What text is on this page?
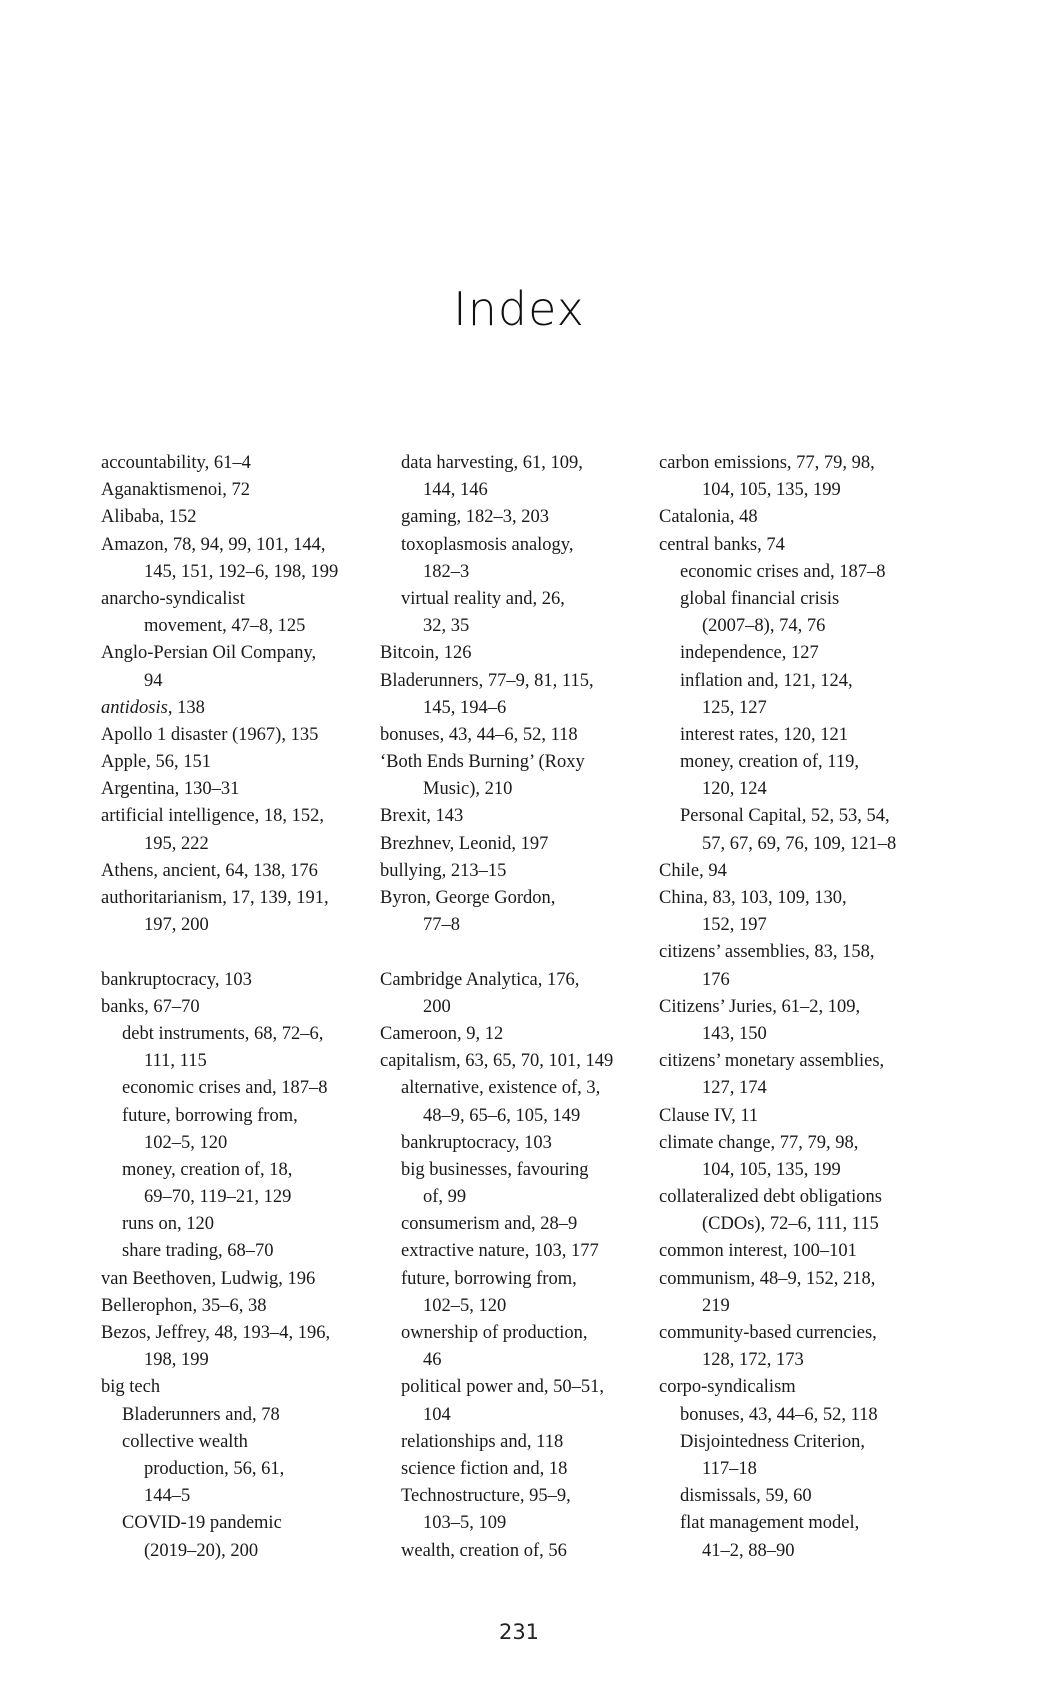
Index
accountability, 61–4
Aganaktismenoi, 72
Alibaba, 152
Amazon, 78, 94, 99, 101, 144,
145, 151, 192–6, 198, 199
anarcho-syndicalist
movement, 47–8, 125
Anglo-Persian Oil Company,
94
antidosis, 138
Apollo 1 disaster (1967), 135
Apple, 56, 151
Argentina, 130–31
artificial intelligence, 18, 152,
195, 222
Athens, ancient, 64, 138, 176
authoritarianism, 17, 139, 191,
197, 200
bankruptocracy, 103
banks, 67–70
debt instruments, 68, 72–6,
111, 115
economic crises and, 187–8
future, borrowing from,
102–5, 120
money, creation of, 18,
69–70, 119–21, 129
runs on, 120
share trading, 68–70
van Beethoven, Ludwig, 196
Bellerophon, 35–6, 38
Bezos, Jeffrey, 48, 193–4, 196,
198, 199
big tech
Bladerunners and, 78
collective wealth
production, 56, 61,
144–5
COVID-19 pandemic
(2019–20), 200
data harvesting, 61, 109,
144, 146
gaming, 182–3, 203
toxoplasmosis analogy,
182–3
virtual reality and, 26,
32, 35
Bitcoin, 126
Bladerunners, 77–9, 81, 115,
145, 194–6
bonuses, 43, 44–6, 52, 118
‘Both Ends Burning’ (Roxy
Music), 210
Brexit, 143
Brezhnev, Leonid, 197
bullying, 213–15
Byron, George Gordon,
77–8
Cambridge Analytica, 176,
200
Cameroon, 9, 12
capitalism, 63, 65, 70, 101, 149
alternative, existence of, 3,
48–9, 65–6, 105, 149
bankruptocracy, 103
big businesses, favouring
of, 99
consumerism and, 28–9
extractive nature, 103, 177
future, borrowing from,
102–5, 120
ownership of production,
46
political power and, 50–51,
104
relationships and, 118
science fiction and, 18
Technostructure, 95–9,
103–5, 109
wealth, creation of, 56
carbon emissions, 77, 79, 98,
104, 105, 135, 199
Catalonia, 48
central banks, 74
economic crises and, 187–8
global financial crisis
(2007–8), 74, 76
independence, 127
inflation and, 121, 124,
125, 127
interest rates, 120, 121
money, creation of, 119,
120, 124
Personal Capital, 52, 53, 54,
57, 67, 69, 76, 109, 121–8
Chile, 94
China, 83, 103, 109, 130,
152, 197
citizens’ assemblies, 83, 158,
176
Citizens’ Juries, 61–2, 109,
143, 150
citizens’ monetary assemblies,
127, 174
Clause IV, 11
climate change, 77, 79, 98,
104, 105, 135, 199
collateralized debt obligations
(CDOs), 72–6, 111, 115
common interest, 100–101
communism, 48–9, 152, 218,
219
community-based currencies,
128, 172, 173
corpo-syndicalism
bonuses, 43, 44–6, 52, 118
Disjointedness Criterion,
117–18
dismissals, 59, 60
flat management model,
41–2, 88–90
231
